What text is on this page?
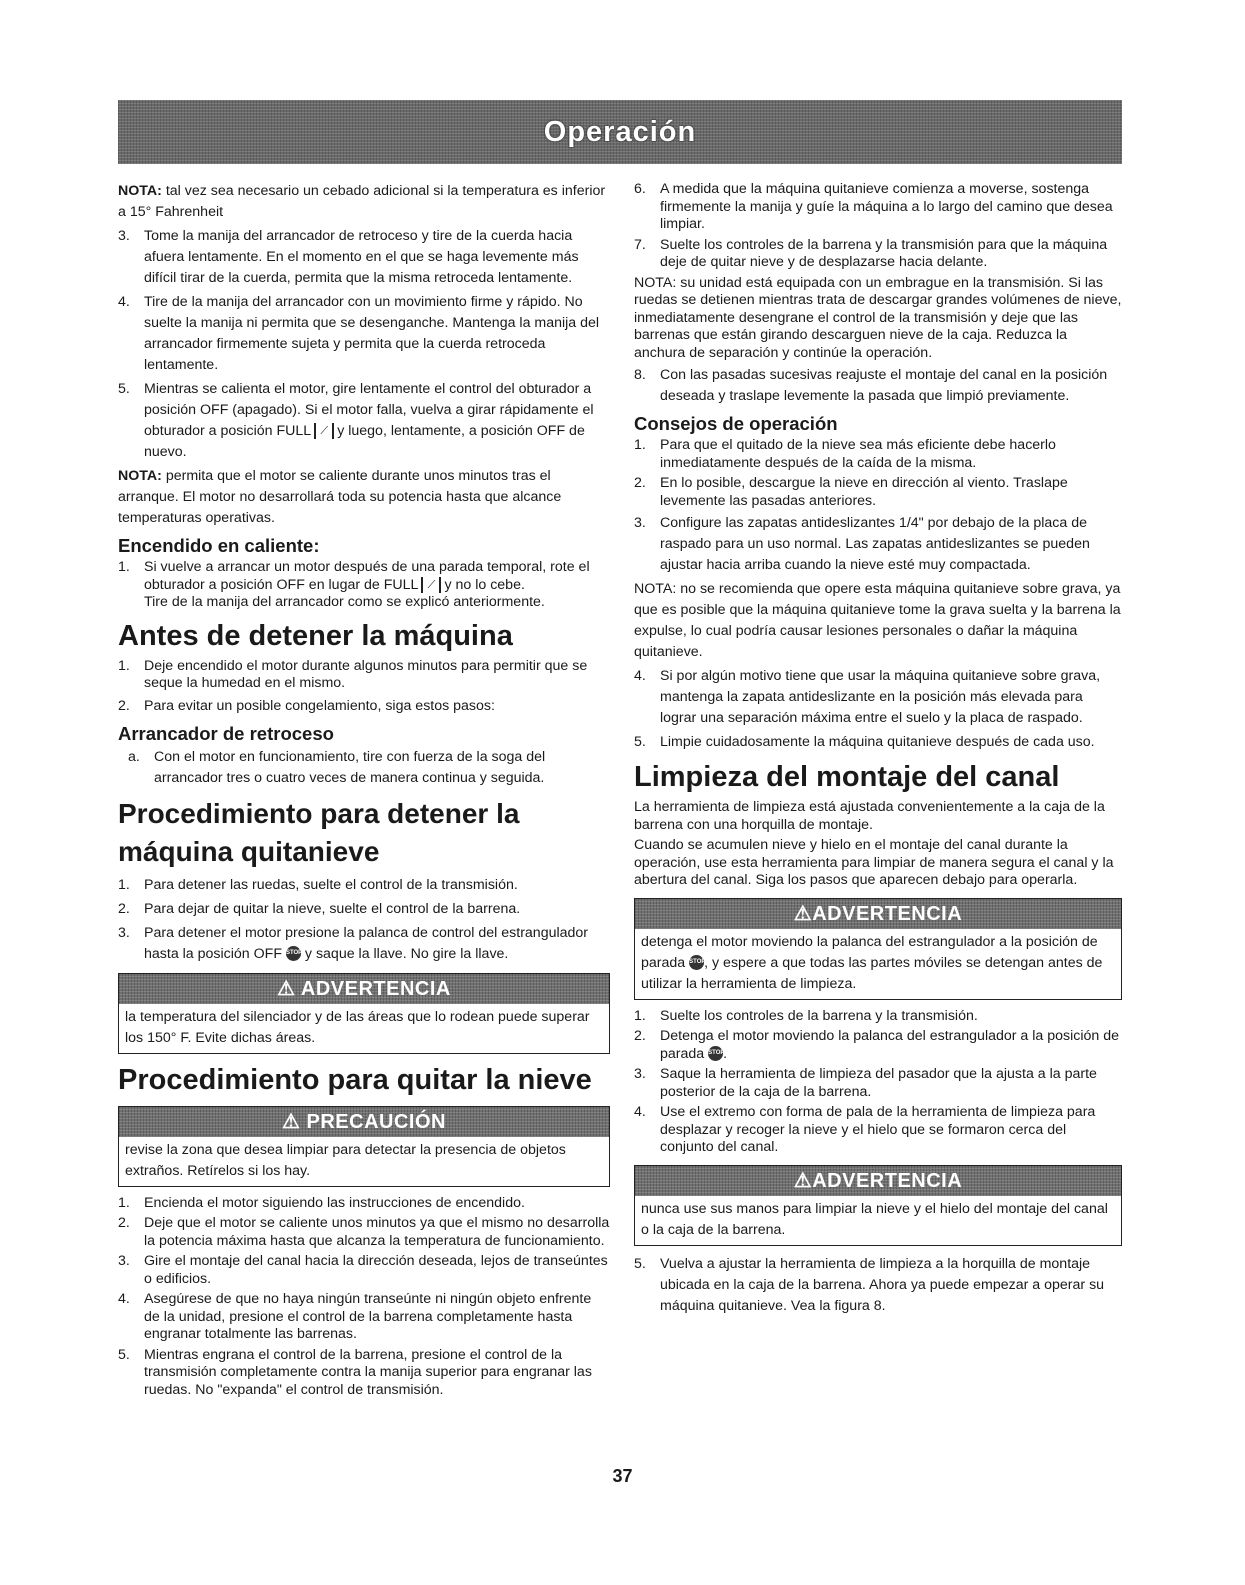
Operación

NOTA: tal vez sea necesario un cebado adicional si la temperatura es inferior a 15° Fahrenheit

3. Tome la manija del arrancador de retroceso y tire de la cuerda hacia afuera lentamente. En el momento en el que se haga levemente más difícil tirar de la cuerda, permita que la misma retroceda lentamente.
4. Tire de la manija del arrancador con un movimiento firme y rápido. No suelte la manija ni permita que se desenganche. Mantenga la manija del arrancador firmemente sujeta y permita que la cuerda retroceda lentamente.
5. Mientras se calienta el motor, gire lentamente el control del obturador a posición OFF (apagado). Si el motor falla, vuelva a girar rápidamente el obturador a posición FULL ⟋ y luego, lentamente, a posición OFF de nuevo.

NOTA: permita que el motor se caliente durante unos minutos tras el arranque. El motor no desarrollará toda su potencia hasta que alcance temperaturas operativas.

Encendido en caliente:
1. Si vuelve a arrancar un motor después de una parada temporal, rote el obturador a posición OFF en lugar de FULL ⟋ y no lo cebe.
Tire de la manija del arrancador como se explicó anteriormente.
Antes de detener la máquina
1. Deje encendido el motor durante algunos minutos para permitir que se seque la humedad en el mismo.
2. Para evitar un posible congelamiento, siga estos pasos:
Arrancador de retroceso
a. Con el motor en funcionamiento, tire con fuerza de la soga del arrancador tres o cuatro veces de manera continua y seguida.
Procedimiento para detener la máquina quitanieve
1. Para detener las ruedas, suelte el control de la transmisión.
2. Para dejar de quitar la nieve, suelte el control de la barrena.
3. Para detener el motor presione la palanca de control del estrangulador hasta la posición OFF STOP y saque la llave. No gire la llave.
⚠ ADVERTENCIA
la temperatura del silenciador y de las áreas que lo rodean puede superar los 150° F. Evite dichas áreas.
Procedimiento para quitar la nieve
⚠ PRECAUCIÓN
revise la zona que desea limpiar para detectar la presencia de objetos extraños. Retírelos si los hay.
1. Encienda el motor siguiendo las instrucciones de encendido.
2. Deje que el motor se caliente unos minutos ya que el mismo no desarrolla la potencia máxima hasta que alcanza la temperatura de funcionamiento.
3. Gire el montaje del canal hacia la dirección deseada, lejos de transeúntes o edificios.
4. Asegúrese de que no haya ningún transeúnte ni ningún objeto enfrente de la unidad, presione el control de la barrena completamente hasta engranar totalmente las barrenas.
5. Mientras engrana el control de la barrena, presione el control de la transmisión completamente contra la manija superior para engranar las ruedas. No "expanda" el control de transmisión.
6. A medida que la máquina quitanieve comienza a moverse, sostenga firmemente la manija y guíe la máquina a lo largo del camino que desea limpiar.
7. Suelte los controles de la barrena y la transmisión para que la máquina deje de quitar nieve y de desplazarse hacia delante.

NOTA: su unidad está equipada con un embrague en la transmisión. Si las ruedas se detienen mientras trata de descargar grandes volúmenes de nieve, inmediatamente desengrane el control de la transmisión y deje que las barrenas que están girando descarguen nieve de la caja. Reduzca la anchura de separación y continúe la operación.

8. Con las pasadas sucesivas reajuste el montaje del canal en la posición deseada y traslape levemente la pasada que limpió previamente.
Consejos de operación
1. Para que el quitado de la nieve sea más eficiente debe hacerlo inmediatamente después de la caída de la misma.
2. En lo posible, descargue la nieve en dirección al viento. Traslape levemente las pasadas anteriores.
3. Configure las zapatas antideslizantes 1/4" por debajo de la placa de raspado para un uso normal. Las zapatas antideslizantes se pueden ajustar hacia arriba cuando la nieve esté muy compactada.

NOTA: no se recomienda que opere esta máquina quitanieve sobre grava, ya que es posible que la máquina quitanieve tome la grava suelta y la barrena la expulse, lo cual podría causar lesiones personales o dañar la máquina quitanieve.

4. Si por algún motivo tiene que usar la máquina quitanieve sobre grava, mantenga la zapata antideslizante en la posición más elevada para lograr una separación máxima entre el suelo y la placa de raspado.
5. Limpie cuidadosamente la máquina quitanieve después de cada uso.
Limpieza del montaje del canal

La herramienta de limpieza está ajustada convenientemente a la caja de la barrena con una horquilla de montaje.

Cuando se acumulen nieve y hielo en el montaje del canal durante la operación, use esta herramienta para limpiar de manera segura el canal y la abertura del canal. Siga los pasos que aparecen debajo para operarla.

⚠ADVERTENCIA
detenga el motor moviendo la palanca del estrangulador a la posición de parada STOP, y espere a que todas las partes móviles se detengan antes de utilizar la herramienta de limpieza.
1. Suelte los controles de la barrena y la transmisión.
2. Detenga el motor moviendo la palanca del estrangulador a la posición de parada STOP.
3. Saque la herramienta de limpieza del pasador que la ajusta a la parte posterior de la caja de la barrena.
4. Use el extremo con forma de pala de la herramienta de limpieza para desplazar y recoger la nieve y el hielo que se formaron cerca del conjunto del canal.
⚠ADVERTENCIA
nunca use sus manos para limpiar la nieve y el hielo del montaje del canal o la caja de la barrena.
5. Vuelva a ajustar la herramienta de limpieza a la horquilla de montaje ubicada en la caja de la barrena. Ahora ya puede empezar a operar su máquina quitanieve. Vea la figura 8.
37
